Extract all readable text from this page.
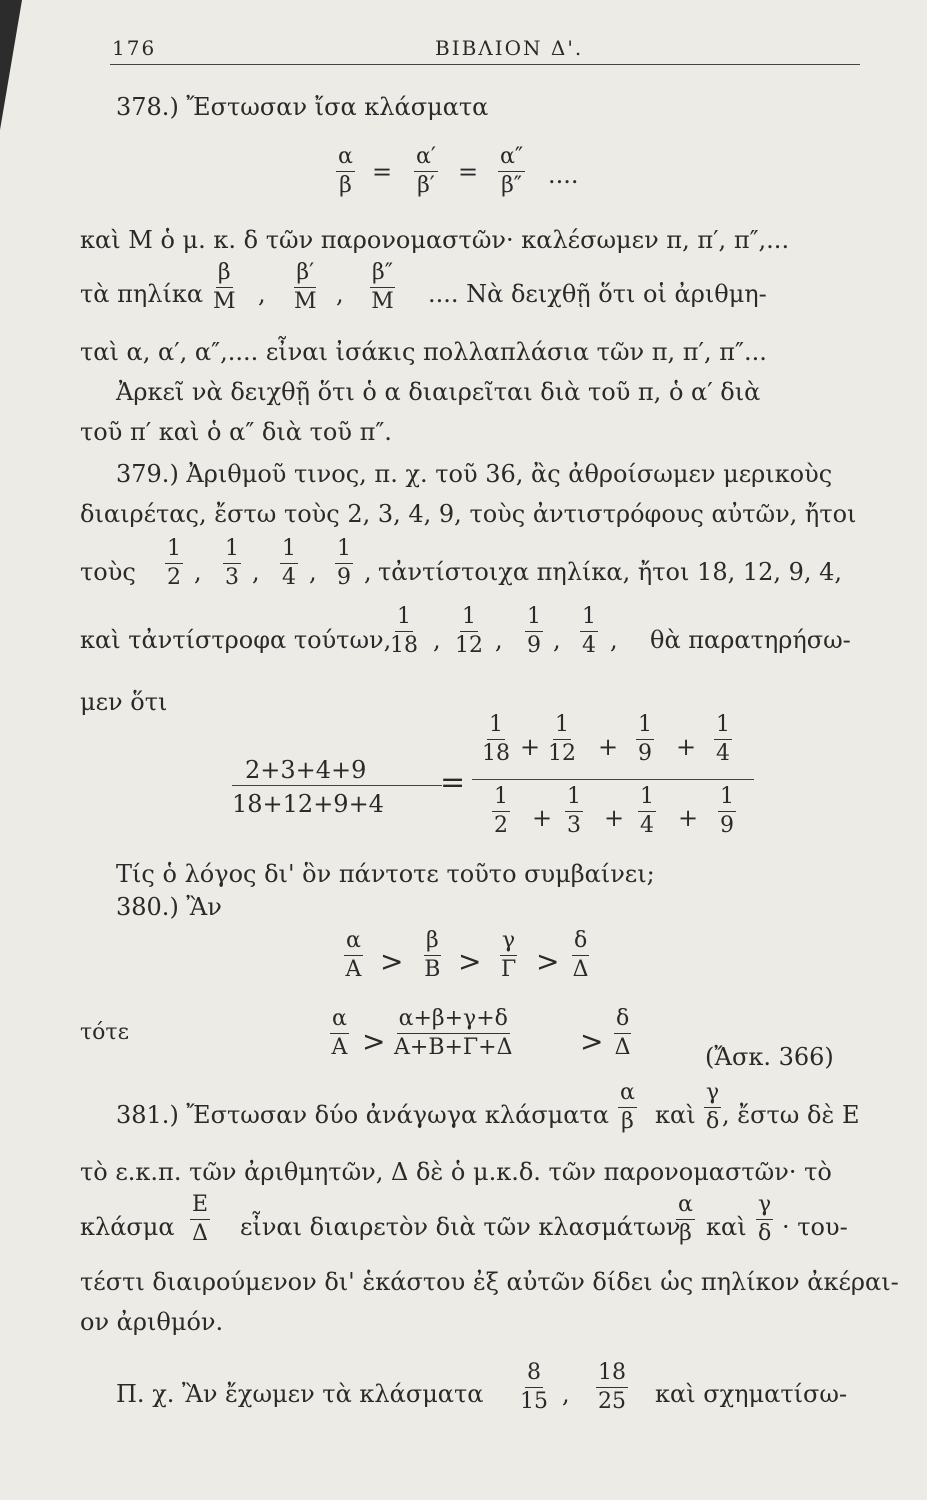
176	ΒΙΒΛΙΟΝ Δ'.
378.) Ἔστωσαν ἴσα κλάσματα
$\frac{\alpha}{\beta} = \frac{\alpha'}{\beta'} = \frac{\alpha''}{\beta''}$ ....
καὶ Μ ὁ μ. κ. δ τῶν παρονομαστῶν· καλέσωμεν π, π′, π″,...
τὰ πηλίκα $\frac{\beta}{M}$ , $\frac{\beta'}{M}$ , $\frac{\beta''}{M}$ .... Νὰ δειχθῇ ὅτι οἱ ἀριθμη-
ταὶ α, α′, α″,.... εἶναι ἰσάκις πολλαπλάσια τῶν π, π′, π″...
Ἀρκεῖ νὰ δειχθῇ ὅτι ὁ α διαιρεῖται διὰ τοῦ π, ὁ α′ διὰ
τοῦ π′ καὶ ὁ α″ διὰ τοῦ π″.
379.) Ἀριθμοῦ τινος, π. χ. τοῦ 36, ἂς ἀθροίσωμεν μερικοὺς
διαιρέτας, ἔστω τοὺς 2, 3, 4, 9, τοὺς ἀντιστρόφους αὐτῶν, ἤτοι
τοὺς $\frac{1}{2}$ , $\frac{1}{3}$ , $\frac{1}{4}$ , $\frac{1}{9}$ , τἀντίστοιχα πηλίκα, ἤτοι 18, 12, 9, 4,
καὶ τἀντίστροφα τούτων,
$\frac{1}{18}$ , $\frac{1}{12}$ , $\frac{1}{9}$ , $\frac{1}{4}$ , θὰ παρατηρήσω-
μεν ὅτι
2+3+4+9
18+12+9+4
=
$\frac{1}{18} + \frac{1}{12} + \frac{1}{9} + \frac{1}{4}$
$\frac{1}{2} + \frac{1}{3} + \frac{1}{4} + \frac{1}{9}$
Τίς ὁ λόγος δι' ὃν πάντοτε τοῦτο συμβαίνει;
380.) Ἂν
$\frac{\alpha}{A} > \frac{\beta}{B} > \frac{\gamma}{\Gamma} > \frac{\delta}{\Delta}$
τότε	$\frac{\alpha}{A} > \frac{\alpha+\beta+\gamma+\delta}{A+B+\Gamma+\Delta} > \frac{\delta}{\Delta}$	(Ἄσκ. 366)
381.) Ἔστωσαν δύο ἀνάγωγα κλάσματα $\frac{\alpha}{\beta}$ καὶ $\frac{\gamma}{\delta}$ , ἔστω δὲ Ε
τὸ ε.κ.π. τῶν ἀριθμητῶν, Δ δὲ ὁ μ.κ.δ. τῶν παρονομαστῶν· τὸ
κλάσμα $\frac{E}{\Delta}$ εἶναι διαιρετὸν διὰ τῶν κλασμάτων
$\frac{\alpha}{\beta}$ καὶ $\frac{\gamma}{\delta} \cdot \tau o\upsilon-$
τέστι διαιρούμενον δι' ἑκάστου ἐξ αὐτῶν δίδει ὡς πηλίκον ἀκέραι-
ον ἀριθμόν.
Π. χ. Ἂν ἔχωμεν τὰ κλάσματα $\frac{8}{15}$ , $\frac{18}{25}$ καὶ σχηματίσω-
